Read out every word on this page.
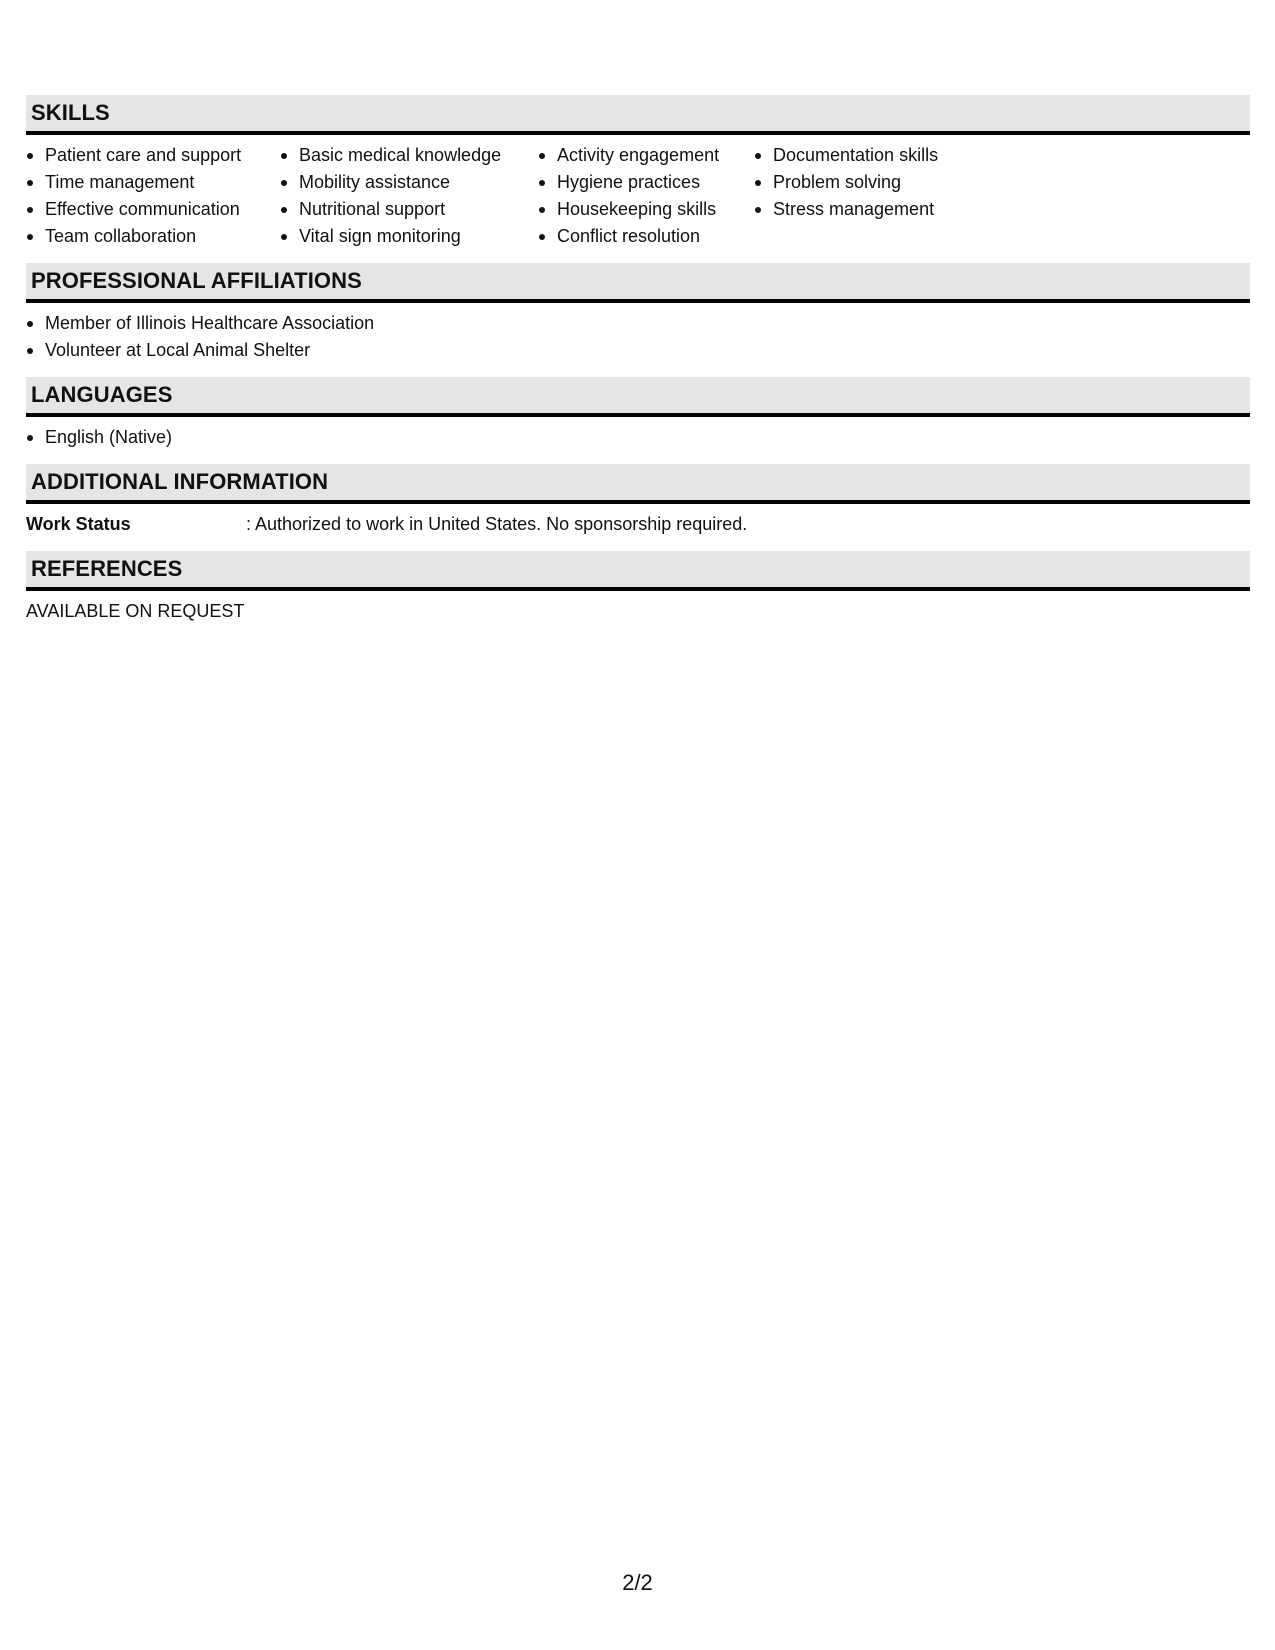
SKILLS
Patient care and support
Time management
Effective communication
Team collaboration
Basic medical knowledge
Mobility assistance
Nutritional support
Vital sign monitoring
Activity engagement
Hygiene practices
Housekeeping skills
Conflict resolution
Documentation skills
Problem solving
Stress management
PROFESSIONAL AFFILIATIONS
Member of Illinois Healthcare Association
Volunteer at Local Animal Shelter
LANGUAGES
English (Native)
ADDITIONAL INFORMATION
Work Status	: Authorized to work in United States. No sponsorship required.
REFERENCES
AVAILABLE ON REQUEST
2/2
